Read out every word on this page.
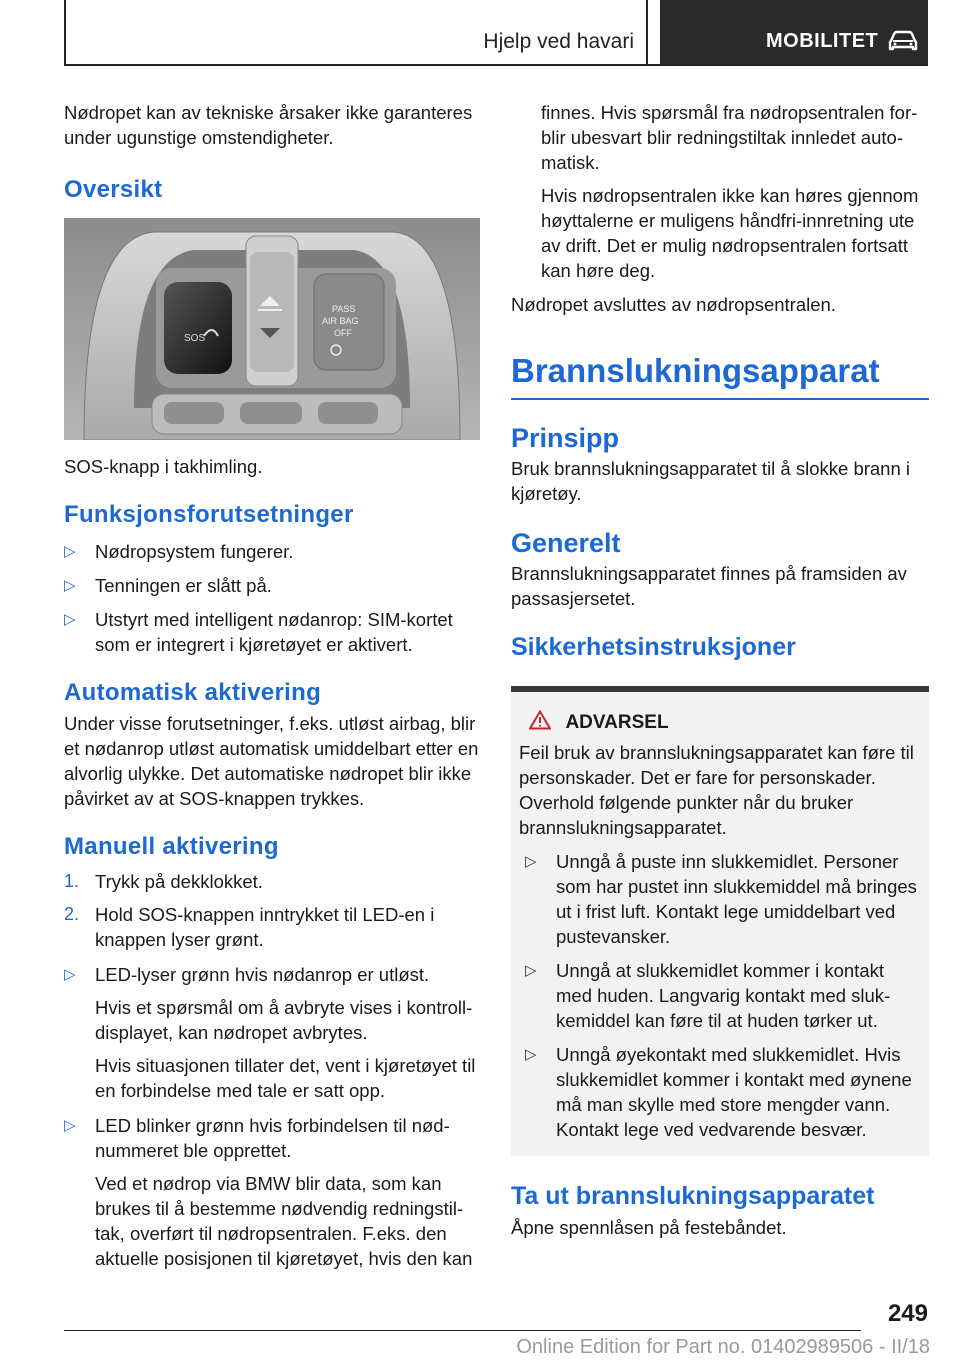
Hjelp ved havari	MOBILITET

Nødropet kan av tekniske årsaker ikke garanteres under ugunstige omstendigheter.

Oversikt
SOS
PASS
AIR BAG
OFF

SOS-knapp i takhimling.

Funksjonsforutsetninger
▷ Nødropsystem fungerer.
▷ Tenningen er slått på.
▷ Utstyrt med intelligent nødanrop: SIM-kortet som er integrert i kjøretøyet er aktivert.
Automatisk aktivering

Under visse forutsetninger, f.eks. utløst airbag, blir et nødanrop utløst automatisk umiddelbart etter en alvorlig ulykke. Det automatiske nødropet blir ikke påvirket av at SOS-knappen trykkes.

Manuell aktivering
1. Trykk på dekklokket.
2. Hold SOS-knappen inntrykket til LED-en i knappen lyser grønt.
▷ LED-lyser grønn hvis nødanrop er utløst.

Hvis et spørsmål om å avbryte vises i kontrolldisplayet, kan nødropet avbrytes.

Hvis situasjonen tillater det, vent i kjøretøyet til en forbindelse med tale er satt opp.

▷ LED blinker grønn hvis forbindelsen til nødnummeret ble opprettet.

Ved et nødrop via BMW blir data, som kan brukes til å bestemme nødvendig redningstiltak, overført til nødropsentralen. F.eks. den aktuelle posisjonen til kjøretøyet, hvis den kan

finnes. Hvis spørsmål fra nødropsentralen forblir ubesvart blir redningstiltak innledet automatisk.

Hvis nødropsentralen ikke kan høres gjennom høyttalerne er muligens håndfri-innretning ute av drift. Det er mulig nødropsentralen fortsatt kan høre deg.

Nødropet avsluttes av nødropsentralen.

Brannslukningsapparat
Prinsipp

Bruk brannslukningsapparatet til å slokke brann i kjøretøy.

Generelt

Brannslukningsapparatet finnes på framsiden av passasjersetet.

Sikkerhetsinstruksjoner
ADVARSEL

Feil bruk av brannslukningsapparatet kan føre til personskader. Det er fare for personskader. Overhold følgende punkter når du bruker brannslukningsapparatet.

▷ Unngå å puste inn slukkemidlet. Personer som har pustet inn slukkemiddel må bringes ut i frist luft. Kontakt lege umiddelbart ved pustevansker.
▷ Unngå at slukkemidlet kommer i kontakt med huden. Langvarig kontakt med slukkemiddel kan føre til at huden tørker ut.
▷ Unngå øyekontakt med slukkemidlet. Hvis slukkemidlet kommer i kontakt med øynene må man skylle med store mengder vann. Kontakt lege ved vedvarende besvær.
Ta ut brannslukningsapparatet

Åpne spennlåsen på festebåndet.

249
Online Edition for Part no. 01402989506 - II/18
